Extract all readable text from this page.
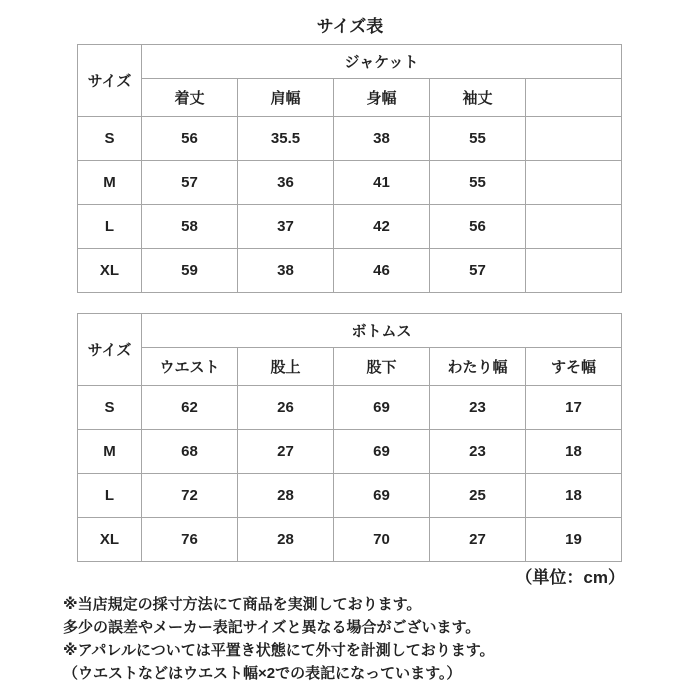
サイズ表
サイズ	ジャケット				
	着丈	肩幅	身幅	袖丈	
S	56	35.5	38	55	
M	57	36	41	55	
L	58	37	42	56	
XL	59	38	46	57	
サイズ	ボトムス				
	ウエスト	股上	股下	わたり幅	すそ幅
S	62	26	69	23	17
M	68	27	69	23	18
L	72	28	69	25	18
XL	76	28	70	27	19
（単位：cm）
※当店規定の採寸方法にて商品を実測しております。
多少の誤差やメーカー表記サイズと異なる場合がございます。
※アパレルについては平置き状態にて外寸を計測しております。
（ウエストなどはウエスト幅×2での表記になっています。）
